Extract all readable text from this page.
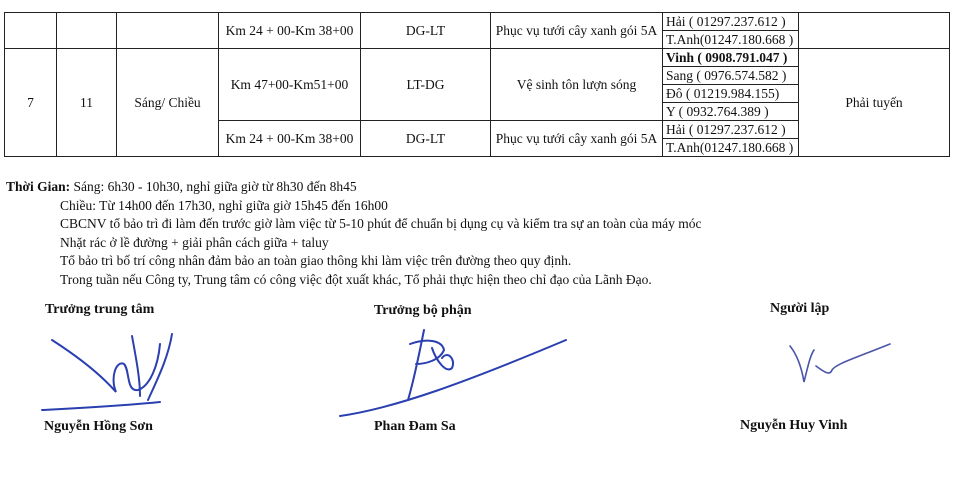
			Km 24 + 00-Km 38+00	DG-LT	Phục vụ tưới cây xanh gói 5A	Hải ( 01297.237.612 )
T.Anh(01247.180.668 )	

7	11	Sáng/ Chiều	Km 47+00-Km51+00	LT-DG	Vệ sinh tôn lượn sóng	Vinh ( 0908.791.047 )
Sang ( 0976.574.582 )
Đô ( 01219.984.155)
Y ( 0932.764.389 )	Phải tuyến
			Km 24 + 00-Km 38+00	DG-LT	Phục vụ tưới cây xanh gói 5A	Hải ( 01297.237.612 )
T.Anh(01247.180.668 )	
Thời Gian: Sáng: 6h30 - 10h30, nghỉ giữa giờ từ 8h30 đến 8h45
Chiều: Từ 14h00 đến 17h30, nghỉ giữa giờ 15h45 đến 16h00
CBCNV tổ bảo trì đi làm đến trước giờ làm việc từ 5-10 phút để chuẩn bị dụng cụ và kiểm tra sự an toàn của máy móc
Nhặt rác ở lề đường + giải phân cách giữa + taluy
Tổ bảo trì bố trí công nhân đảm bảo an toàn giao thông khi làm việc trên đường theo quy định.
Trong tuần nếu Công ty, Trung tâm có công việc đột xuất khác, Tổ phải thực hiện theo chỉ đạo của Lãnh Đạo.
Trưởng trung tâm	Trưởng bộ phận	Người lập
Nguyễn Hồng Sơn	Phan Đam Sa	Nguyễn Huy Vinh
